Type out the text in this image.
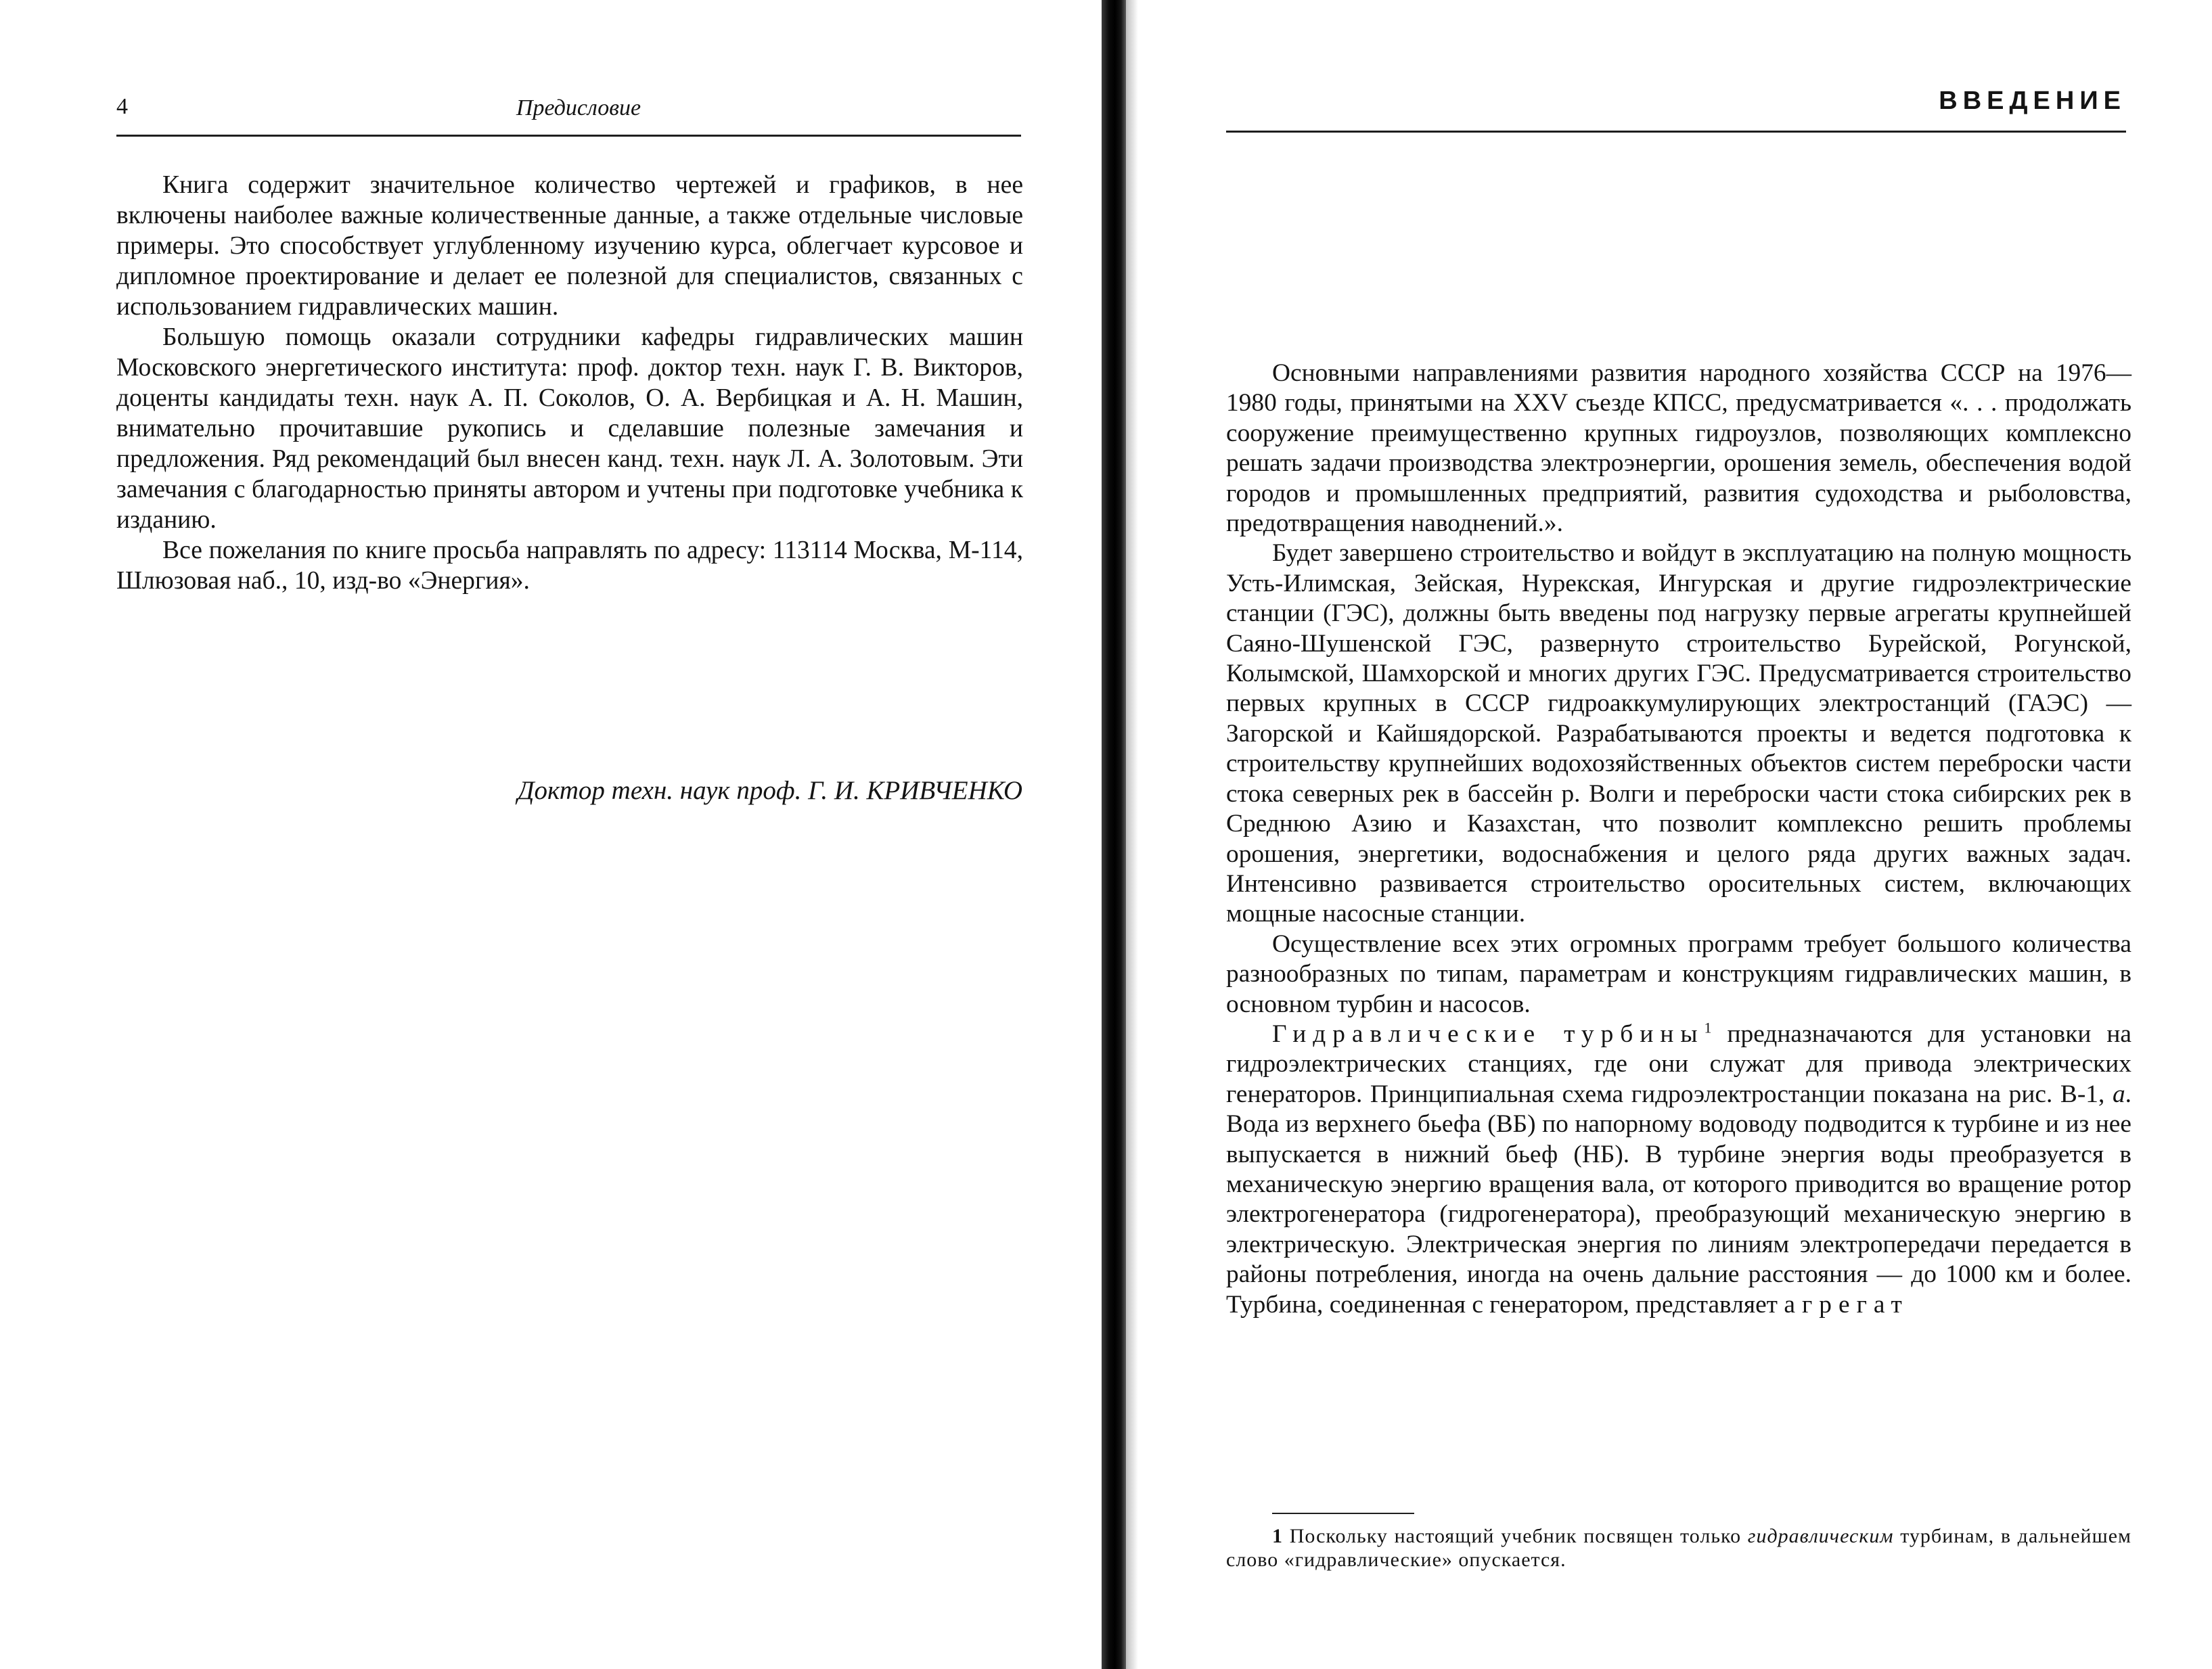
4	Предисловие

Книга содержит значительное количество чертежей и графиков, в нее включены наиболее важные количественные данные, а также отдельные числовые примеры. Это способствует углубленному изучению курса, облегчает курсовое и дипломное проектирование и делает ее полезной для специалистов, связанных с использованием гидравлических машин.

Большую помощь оказали сотрудники кафедры гидравлических машин Московского энергетического института: проф. доктор техн. наук Г. В. Викторов, доценты кандидаты техн. наук А. П. Соколов, О. А. Вербицкая и А. Н. Машин, внимательно прочитавшие рукопись и сделавшие полезные замечания и предложения. Ряд рекомендаций был внесен канд. техн. наук Л. А. Золотовым. Эти замечания с благодарностью приняты автором и учтены при подготовке учебника к изданию.

Все пожелания по книге просьба направлять по адресу: 113114 Москва, М-114, Шлюзовая наб., 10, изд-во «Энергия».

Доктор техн. наук проф. Г. И. КРИВЧЕНКО
ВВЕДЕНИЕ

Основными направлениями развития народного хозяйства СССР на 1976—1980 годы, принятыми на XXV съезде КПСС, предусматривается «. . . продолжать сооружение преимущественно крупных гидроузлов, позволяющих комплексно решать задачи производства электроэнергии, орошения земель, обеспечения водой городов и промышленных предприятий, развития судоходства и рыболовства, предотвращения наводнений.».

Будет завершено строительство и войдут в эксплуатацию на полную мощность Усть-Илимская, Зейская, Нурекская, Ингурская и другие гидроэлектрические станции (ГЭС), должны быть введены под нагрузку первые агрегаты крупнейшей Саяно-Шушенской ГЭС, развернуто строительство Бурейской, Рогунской, Колымской, Шамхорской и многих других ГЭС. Предусматривается строительство первых крупных в СССР гидроаккумулирующих электростанций (ГАЭС) — Загорской и Кайшядорской. Разрабатываются проекты и ведется подготовка к строительству крупнейших водохозяйственных объектов систем переброски части стока северных рек в бассейн р. Волги и переброски части стока сибирских рек в Среднюю Азию и Казахстан, что позволит комплексно решить проблемы орошения, энергетики, водоснабжения и целого ряда других важных задач. Интенсивно развивается строительство оросительных систем, включающих мощные насосные станции.

Осуществление всех этих огромных программ требует большого количества разнообразных по типам, параметрам и конструкциям гидравлических машин, в основном турбин и насосов.

Гидравлические турбины$^1$ предназначаются для установки на гидроэлектрических станциях, где они служат для привода электрических генераторов. Принципиальная схема гидроэлектростанции показана на рис. В-1, а. Вода из верхнего бьефа (ВБ) по напорному водоводу подводится к турбине и из нее выпускается в нижний бьеф (НБ). В турбине энергия воды преобразуется в механическую энергию вращения вала, от которого приводится во вращение ротор электрогенератора (гидрогенератора), преобразующий механическую энергию в электрическую. Электрическая энергия по линиям электропередачи передается в районы потребления, иногда на очень дальние расстояния — до 1000 км и более. Турбина, соединенная с генератором, представляет агрегат

1 Поскольку настоящий учебник посвящен только гидравлическим турбинам, в дальнейшем слово «гидравлические» опускается.
